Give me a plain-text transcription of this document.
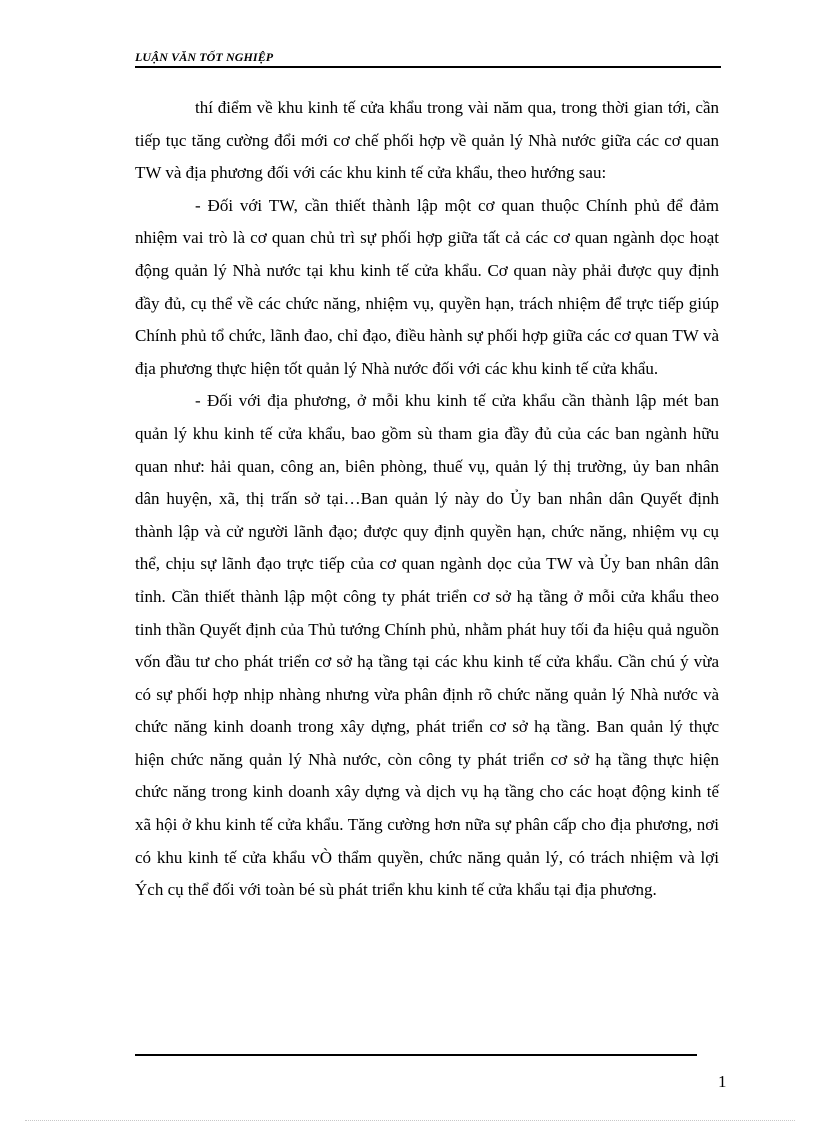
LUẬN VĂN TỐT NGHIỆP

thí điểm về khu kinh tế cửa khẩu trong vài năm qua, trong thời gian tới, cần tiếp tục tăng cường đổi mới cơ chế phối hợp về quản lý Nhà nước giữa các cơ quan TW và địa phương đối với các khu kinh tế cửa khẩu, theo hướng sau:

- Đối với TW, cần thiết thành lập một cơ quan thuộc Chính phủ để đảm nhiệm vai trò là cơ quan chủ trì sự phối hợp giữa tất cả các cơ quan ngành dọc hoạt động quản lý Nhà nước tại khu kinh tế cửa khẩu. Cơ quan này phải được quy định đầy đủ, cụ thể về các chức năng, nhiệm vụ, quyền hạn, trách nhiệm để trực tiếp giúp Chính phủ tổ chức, lãnh đao, chỉ đạo, điều hành sự phối hợp giữa các cơ quan TW và địa phương thực hiện tốt quản lý Nhà nước đối với các khu kinh tế cửa khẩu.

- Đối với địa phương, ở mỗi khu kinh tế cửa khẩu cần thành lập mét ban quản lý khu kinh tế cửa khẩu, bao gồm sù tham gia đầy đủ của các ban ngành hữu quan như: hải quan, công an, biên phòng, thuế vụ, quản lý thị trường, ủy ban nhân dân huyện, xã, thị trấn sở tại…Ban quản lý này do Ủy ban nhân dân Quyết định thành lập và cử người lãnh đạo; được quy định quyền hạn, chức năng, nhiệm vụ cụ thể, chịu sự lãnh đạo trực tiếp của cơ quan ngành dọc của TW và Ủy ban nhân dân tỉnh. Cần thiết thành lập một công ty phát triển cơ sở hạ tầng ở mỗi cửa khẩu theo tinh thần Quyết định của Thủ tướng Chính phủ, nhằm phát huy tối đa hiệu quả nguồn vốn đầu tư cho phát triển cơ sở hạ tầng tại các khu kinh tế cửa khẩu. Cần chú ý vừa có sự phối hợp nhịp nhàng nhưng vừa phân định rõ chức năng quản lý Nhà nước và chức năng kinh doanh trong xây dựng, phát triển cơ sở hạ tầng. Ban quản lý thực hiện chức năng quản lý Nhà nước, còn công ty phát triển cơ sở hạ tầng thực hiện chức năng trong kinh doanh xây dựng và dịch vụ hạ tầng cho các hoạt động kinh tế xã hội ở khu kinh tế cửa khẩu. Tăng cường hơn nữa sự phân cấp cho địa phương, nơi có khu kinh tế cửa khẩu vÒ thẩm quyền, chức năng quản lý, có trách nhiệm và lợi Ých cụ thể đối với toàn bé sù phát triển khu kinh tế cửa khẩu tại địa phương.

1
